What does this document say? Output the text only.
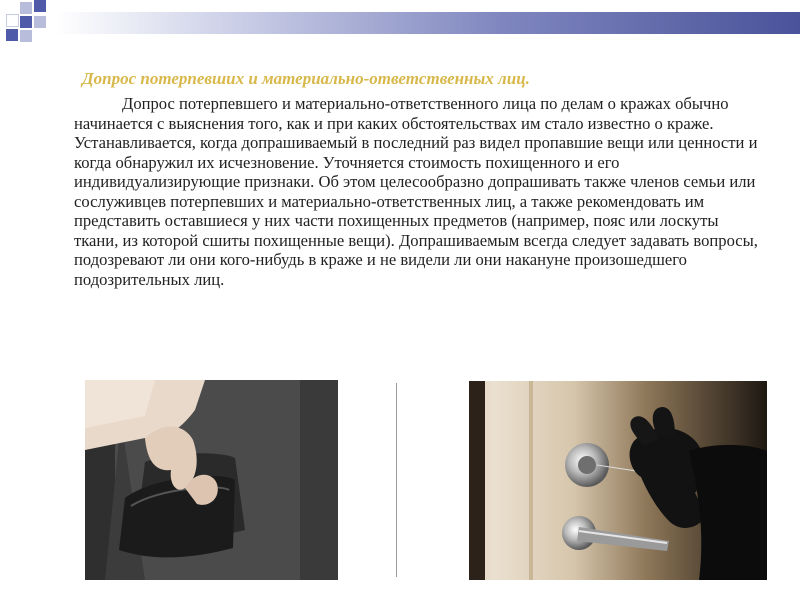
Допрос потерпевших и материально-ответственных лиц.

Допрос потерпевшего и материально-ответственного лица по делам о кражах обычно начинается с выяснения того, как и при каких обстоятельствах им стало известно о краже. Устанавливается, когда допрашиваемый в последний раз видел пропавшие вещи или ценности и когда обнаружил их исчезновение. Уточняется стоимость похищенного и его индивидуализирующие признаки. Об этом целесообразно допрашивать также членов семьи или сослуживцев потерпевших и материально-ответственных лиц, а также рекомендовать им представить оставшиеся у них части похищенных предметов (например, пояс или лоскуты ткани, из которой сшиты похищенные вещи). Допрашиваемым всегда следует задавать вопросы, подозревают ли они кого-нибудь в краже и не видели ли они накануне произошедшего подозрительных лиц.
